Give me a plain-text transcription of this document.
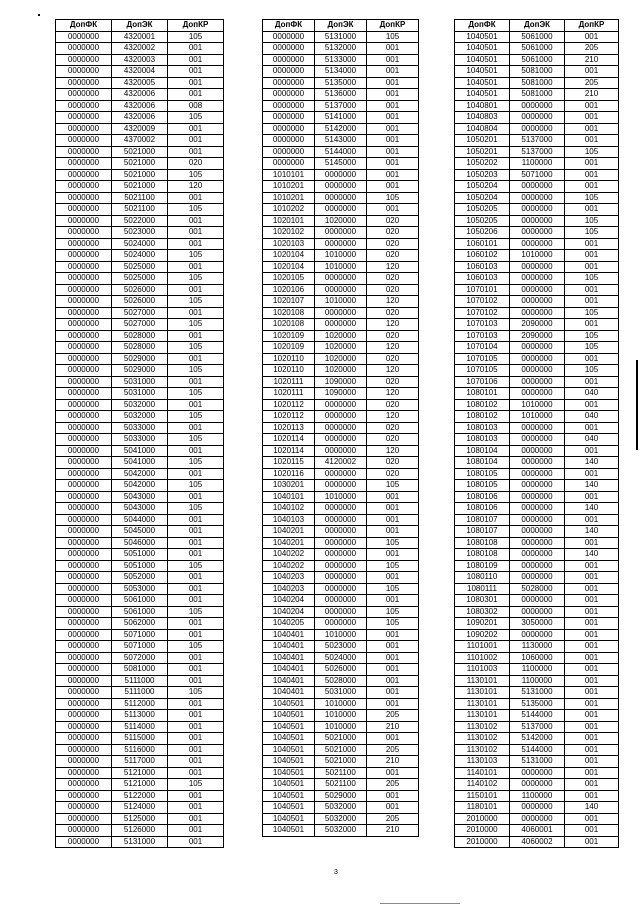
ДопФК	ДопЭК	ДопКР
0000000	4320001	105
0000000	4320002	001
0000000	4320003	001
0000000	4320004	001
0000000	4320005	001
0000000	4320006	001
0000000	4320006	008
0000000	4320006	105
0000000	4320009	001
0000000	4370002	001
0000000	5021000	001
0000000	5021000	020
0000000	5021000	105
0000000	5021000	120
0000000	5021100	001
0000000	5021100	105
0000000	5022000	001
0000000	5023000	001
0000000	5024000	001
0000000	5024000	105
0000000	5025000	001
0000000	5025000	105
0000000	5026000	001
0000000	5026000	105
0000000	5027000	001
0000000	5027000	105
0000000	5028000	001
0000000	5028000	105
0000000	5029000	001
0000000	5029000	105
0000000	5031000	001
0000000	5031000	105
0000000	5032000	001
0000000	5032000	105
0000000	5033000	001
0000000	5033000	105
0000000	5041000	001
0000000	5041000	105
0000000	5042000	001
0000000	5042000	105
0000000	5043000	001
0000000	5043000	105
0000000	5044000	001
0000000	5045000	001
0000000	5046000	001
0000000	5051000	001
0000000	5051000	105
0000000	5052000	001
0000000	5053000	001
0000000	5061000	001
0000000	5061000	105
0000000	5062000	001
0000000	5071000	001
0000000	5071000	105
0000000	5072000	001
0000000	5081000	001
0000000	5111000	001
0000000	5111000	105
0000000	5112000	001
0000000	5113000	001
0000000	5114000	001
0000000	5115000	001
0000000	5116000	001
0000000	5117000	001
0000000	5121000	001
0000000	5121000	105
0000000	5122000	001
0000000	5124000	001
0000000	5125000	001
0000000	5126000	001
0000000	5131000	001
ДопФК	ДопЭК	ДопКР
0000000	5131000	105
0000000	5132000	001
0000000	5133000	001
0000000	5134000	001
0000000	5135000	001
0000000	5136000	001
0000000	5137000	001
0000000	5141000	001
0000000	5142000	001
0000000	5143000	001
0000000	5144000	001
0000000	5145000	001
1010101	0000000	001
1010201	0000000	001
1010201	0000000	105
1010202	0000000	001
1020101	1020000	020
1020102	0000000	020
1020103	0000000	020
1020104	1010000	020
1020104	1010000	120
1020105	0000000	020
1020106	0000000	020
1020107	1010000	120
1020108	0000000	020
1020108	0000000	120
1020109	1020000	020
1020109	1020000	120
1020110	1020000	020
1020110	1020000	120
1020111	1090000	020
1020111	1090000	120
1020112	0000000	020
1020112	0000000	120
1020113	0000000	020
1020114	0000000	020
1020114	0000000	120
1020115	4120002	020
1020116	0000000	020
1030201	0000000	105
1040101	1010000	001
1040102	0000000	001
1040103	0000000	001
1040201	0000000	001
1040201	0000000	105
1040202	0000000	001
1040202	0000000	105
1040203	0000000	001
1040203	0000000	105
1040204	0000000	001
1040204	0000000	105
1040205	0000000	105
1040401	1010000	001
1040401	5023000	001
1040401	5024000	001
1040401	5026000	001
1040401	5028000	001
1040401	5031000	001
1040501	1010000	001
1040501	1010000	205
1040501	1010000	210
1040501	5021000	001
1040501	5021000	205
1040501	5021000	210
1040501	5021100	001
1040501	5021100	205
1040501	5029000	001
1040501	5032000	001
1040501	5032000	205
1040501	5032000	210
ДопФК	ДопЭК	ДопКР
1040501	5061000	001
1040501	5061000	205
1040501	5061000	210
1040501	5081000	001
1040501	5081000	205
1040501	5081000	210
1040801	0000000	001
1040803	0000000	001
1040804	0000000	001
1050201	5137000	001
1050201	5137000	105
1050202	1100000	001
1050203	5071000	001
1050204	0000000	001
1050204	0000000	105
1050205	0000000	001
1050205	0000000	105
1050206	0000000	105
1060101	0000000	001
1060102	1010000	001
1060103	0000000	001
1060103	0000000	105
1070101	0000000	001
1070102	0000000	001
1070102	0000000	105
1070103	2090000	001
1070103	2090000	105
1070104	0000000	105
1070105	0000000	001
1070105	0000000	105
1070106	0000000	001
1080101	0000000	040
1080102	1010000	001
1080102	1010000	040
1080103	0000000	001
1080103	0000000	040
1080104	0000000	001
1080104	0000000	140
1080105	0000000	001
1080105	0000000	140
1080106	0000000	001
1080106	0000000	140
1080107	0000000	001
1080107	0000000	140
1080108	0000000	001
1080108	0000000	140
1080109	0000000	001
1080110	0000000	001
1080111	5028000	001
1080301	0000000	001
1080302	0000000	001
1090201	3050000	001
1090202	0000000	001
1101001	1130000	001
1101002	1060000	001
1101003	1100000	001
1130101	1100000	001
1130101	5131000	001
1130101	5135000	001
1130101	5144000	001
1130102	5137000	001
1130102	5142000	001
1130102	5144000	001
1130103	5131000	001
1140101	0000000	001
1140102	0000000	001
1150101	1100000	001
1180101	0000000	140
2010000	0000000	001
2010000	4060001	001
2010000	4060002	001
3
